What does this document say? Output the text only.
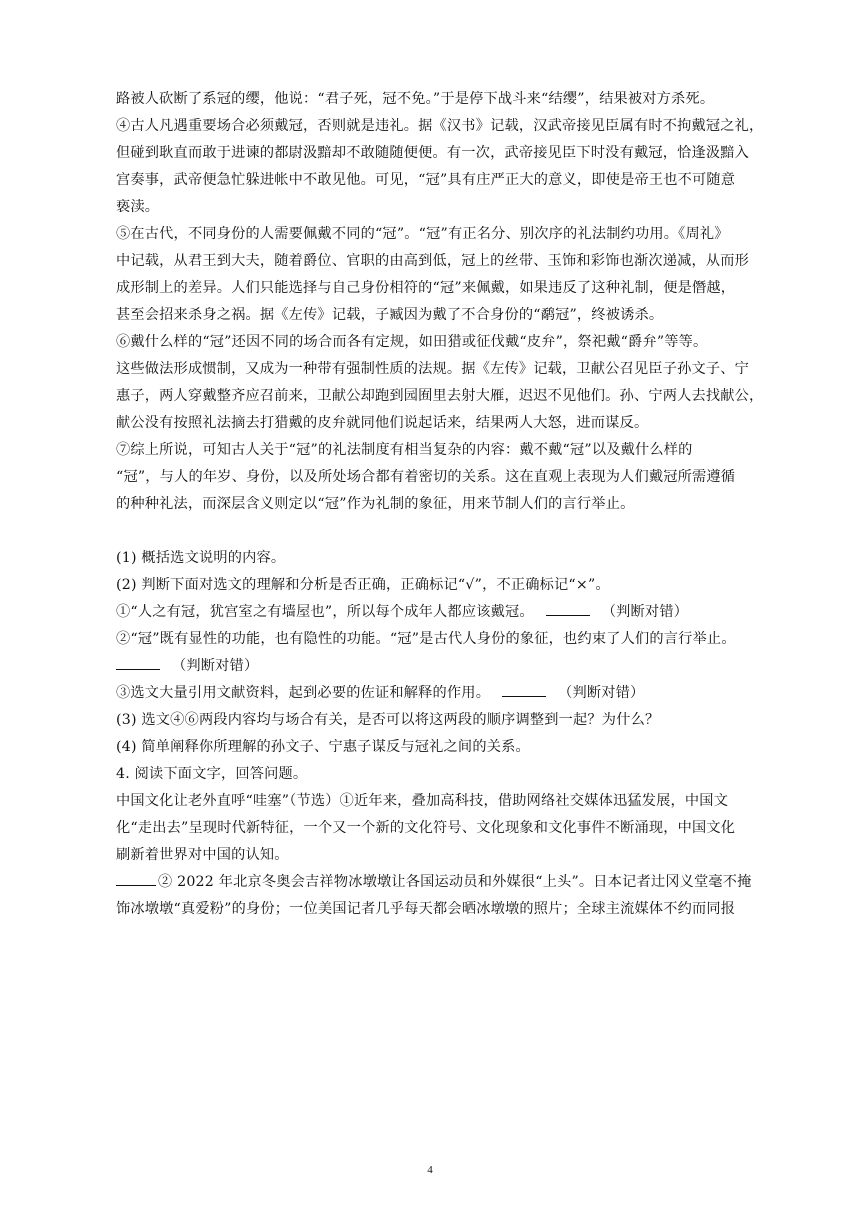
路被人砍断了系冠的缨，他说：“君子死，冠不免。”于是停下战斗来“结缨”，结果被对方杀死。

④古人凡遇重要场合必须戴冠，否则就是违礼。据《汉书》记载，汉武帝接见臣属有时不拘戴冠之礼，

但碰到耿直而敢于进谏的都尉汲黯却不敢随随便便。有一次，武帝接见臣下时没有戴冠，恰逢汲黯入

宫奏事，武帝便急忙躲进帐中不敢见他。可见，“冠”具有庄严正大的意义，即使是帝王也不可随意

亵渎。

⑤在古代，不同身份的人需要佩戴不同的“冠”。“冠”有正名分、别次序的礼法制约功用。《周礼》

中记载，从君王到大夫，随着爵位、官职的由高到低，冠上的丝带、玉饰和彩饰也渐次递减，从而形

成形制上的差异。人们只能选择与自己身份相符的“冠”来佩戴，如果违反了这种礼制，便是僭越，

甚至会招来杀身之祸。据《左传》记载，子臧因为戴了不合身份的“鹬冠”，终被诱杀。

⑥戴什么样的“冠”还因不同的场合而各有定规，如田猎或征伐戴“皮弁”，祭祀戴“爵弁”等等。

这些做法形成惯制，又成为一种带有强制性质的法规。据《左传》记载，卫献公召见臣子孙文子、宁

惠子，两人穿戴整齐应召前来，卫献公却跑到园囿里去射大雁，迟迟不见他们。孙、宁两人去找献公，

献公没有按照礼法摘去打猎戴的皮弁就同他们说起话来，结果两人大怒，进而谋反。

⑦综上所说，可知古人关于“冠”的礼法制度有相当复杂的内容：戴不戴“冠”以及戴什么样的

“冠”，与人的年岁、身份，以及所处场合都有着密切的关系。这在直观上表现为人们戴冠所需遵循

的种种礼法，而深层含义则定以“冠”作为礼制的象征，用来节制人们的言行举止。

(1) 概括选文说明的内容。

(2) 判断下面对选文的理解和分析是否正确，正确标记“√”，不正确标记“×”。

①“人之有冠，犹宫室之有墙屋也”，所以每个成年人都应该戴冠。	（判断对错）

②“冠”既有显性的功能，也有隐性的功能。“冠”是古代人身份的象征，也约束了人们的言行举止。

（判断对错）

③选文大量引用文献资料，起到必要的佐证和解释的作用。	（判断对错）

(3) 选文④⑥两段内容均与场合有关，是否可以将这两段的顺序调整到一起？为什么？

(4) 简单阐释你所理解的孙文子、宁惠子谋反与冠礼之间的关系。

4. 阅读下面文字，回答问题。

中国文化让老外直呼“哇塞”（节选）①近年来，叠加高科技，借助网络社交媒体迅猛发展，中国文

化“走出去”呈现时代新特征，一个又一个新的文化符号、文化现象和文化事件不断涌现，中国文化

刷新着世界对中国的认知。

② 2022 年北京冬奥会吉祥物冰墩墩让各国运动员和外媒很“上头”。日本记者辻冈义堂毫不掩

饰冰墩墩“真爱粉”的身份；一位美国记者几乎每天都会晒冰墩墩的照片；全球主流媒体不约而同报

4
